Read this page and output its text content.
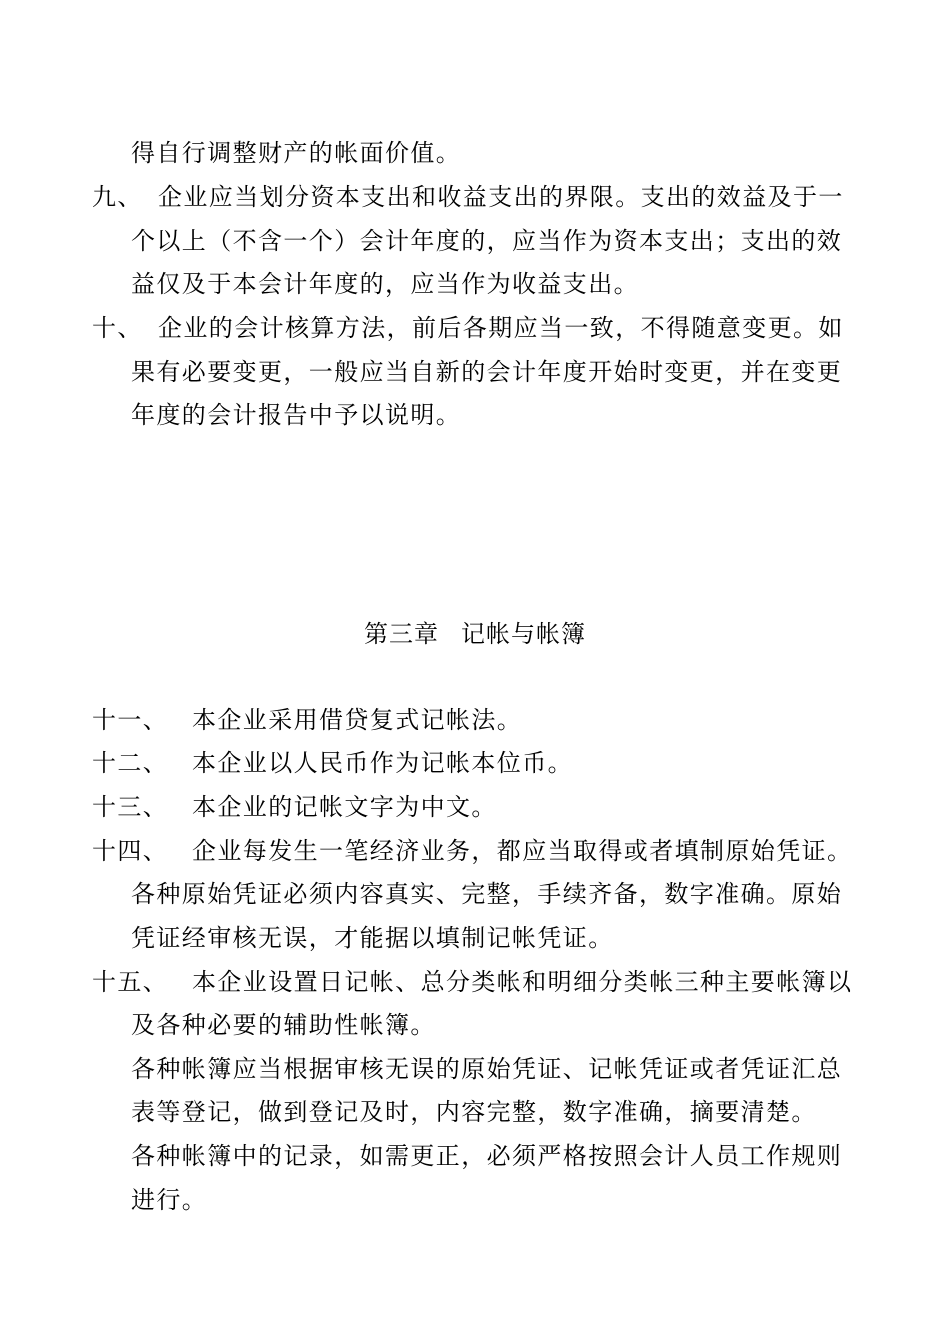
得自行调整财产的帐面价值。
九、 企业应当划分资本支出和收益支出的界限。支出的效益及于一
个以上（不含一个）会计年度的，应当作为资本支出；支出的效
益仅及于本会计年度的，应当作为收益支出。
十、 企业的会计核算方法，前后各期应当一致，不得随意变更。如
果有必要变更，一般应当自新的会计年度开始时变更，并在变更
年度的会计报告中予以说明。
第三章 记帐与帐簿
十一、 本企业采用借贷复式记帐法。
十二、 本企业以人民币作为记帐本位币。
十三、 本企业的记帐文字为中文。
十四、 企业每发生一笔经济业务，都应当取得或者填制原始凭证。
各种原始凭证必须内容真实、完整，手续齐备，数字准确。原始
凭证经审核无误，才能据以填制记帐凭证。
十五、 本企业设置日记帐、总分类帐和明细分类帐三种主要帐簿以
及各种必要的辅助性帐簿。
各种帐簿应当根据审核无误的原始凭证、记帐凭证或者凭证汇总
表等登记，做到登记及时，内容完整，数字准确，摘要清楚。
各种帐簿中的记录，如需更正，必须严格按照会计人员工作规则
进行。
